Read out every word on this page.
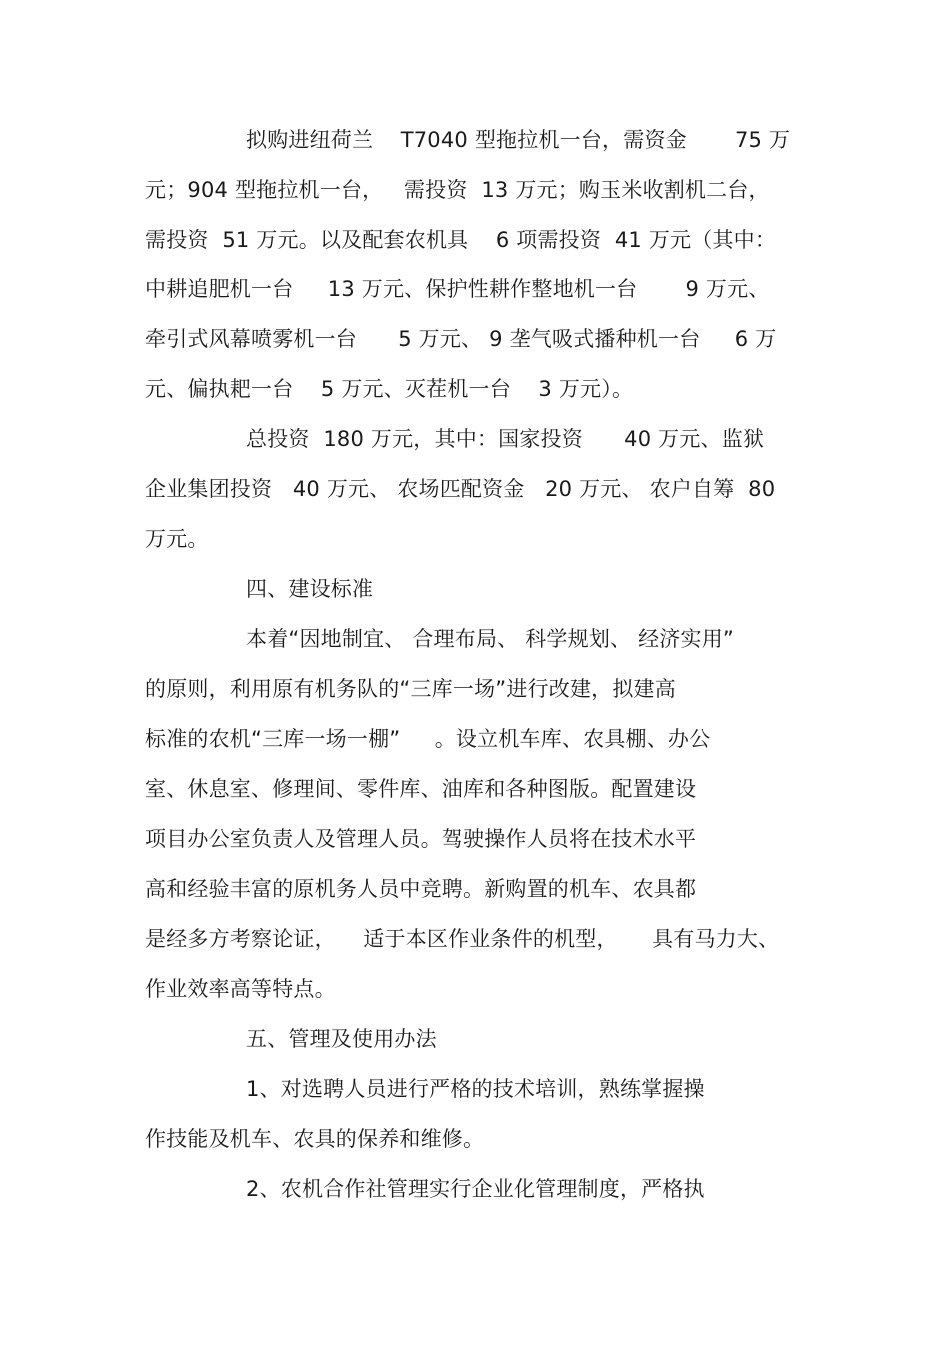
拟购进纽荷兰    T7040 型拖拉机一台，需资金       75 万
元；904 型拖拉机一台，   需投资  13 万元；购玉米收割机二台，
需投资  51 万元。以及配套农机具    6 项需投资  41 万元（其中：
中耕追肥机一台     13 万元、保护性耕作整地机一台       9 万元、
牵引式风幕喷雾机一台      5 万元、 9 垄气吸式播种机一台     6 万
元、偏执耙一台    5 万元、灭茬机一台    3 万元）。
总投资  180 万元，其中：国家投资      40 万元、监狱
企业集团投资   40 万元、 农场匹配资金   20 万元、 农户自筹  80
万元。
四、建设标准
本着“因地制宜、 合理布局、 科学规划、 经济实用”
的原则，利用原有机务队的“三库一场”进行改建，拟建高
标准的农机“三库一场一棚”     。设立机车库、农具棚、办公
室、休息室、修理间、零件库、油库和各种图版。配置建设
项目办公室负责人及管理人员。驾驶操作人员将在技术水平
高和经验丰富的原机务人员中竞聘。新购置的机车、农具都
是经多方考察论证，    适于本区作业条件的机型，     具有马力大、
作业效率高等特点。
五、管理及使用办法
1、对选聘人员进行严格的技术培训，熟练掌握操
作技能及机车、农具的保养和维修。
2、农机合作社管理实行企业化管理制度，严格执
